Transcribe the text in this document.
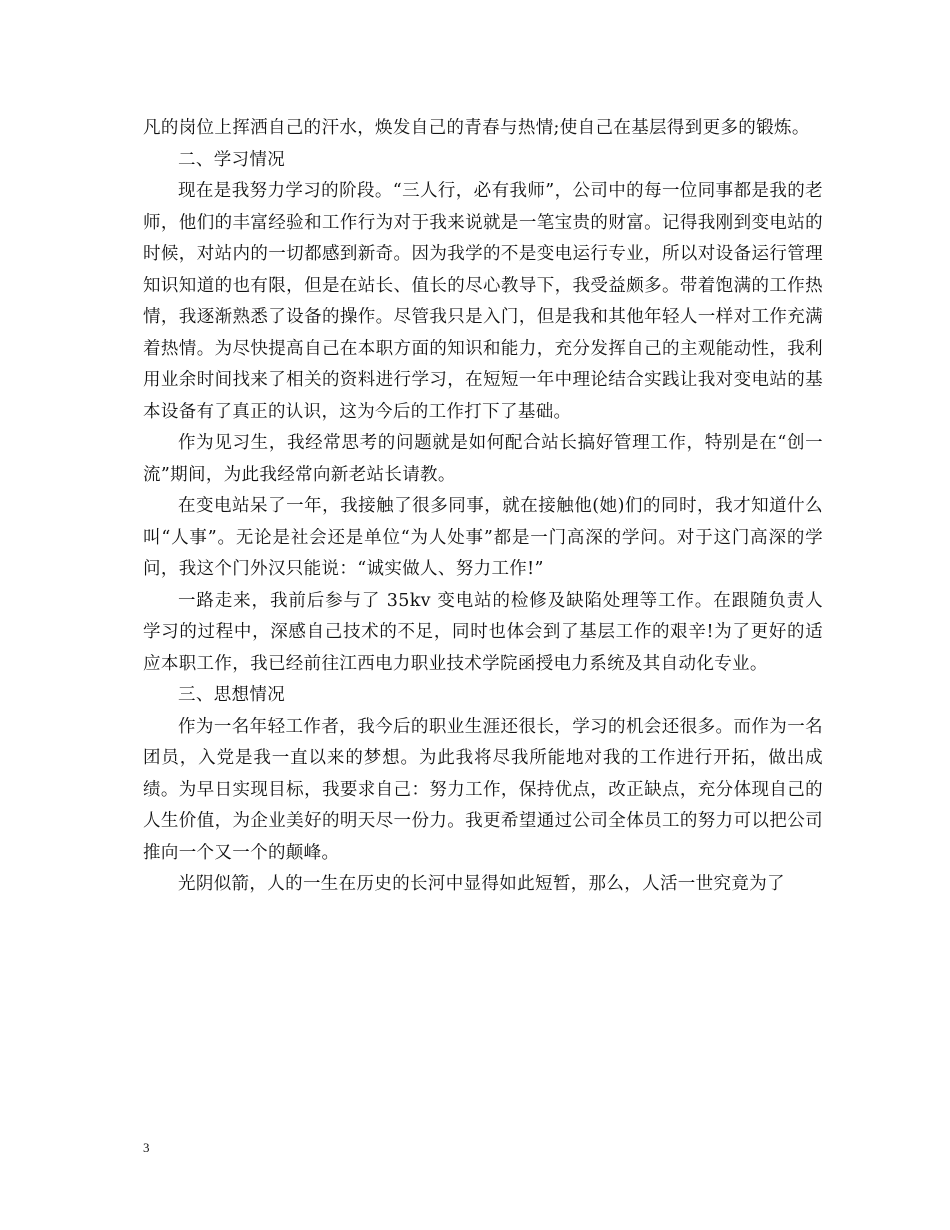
凡的岗位上挥洒自己的汗水，焕发自己的青春与热情;使自己在基层得到更多的锻炼。

二、学习情况

现在是我努力学习的阶段。“三人行，必有我师”，公司中的每一位同事都是我的老师，他们的丰富经验和工作行为对于我来说就是一笔宝贵的财富。记得我刚到变电站的时候，对站内的一切都感到新奇。因为我学的不是变电运行专业，所以对设备运行管理知识知道的也有限，但是在站长、值长的尽心教导下，我受益颇多。带着饱满的工作热情，我逐渐熟悉了设备的操作。尽管我只是入门，但是我和其他年轻人一样对工作充满着热情。为尽快提高自己在本职方面的知识和能力，充分发挥自己的主观能动性，我利用业余时间找来了相关的资料进行学习，在短短一年中理论结合实践让我对变电站的基本设备有了真正的认识，这为今后的工作打下了基础。

作为见习生，我经常思考的问题就是如何配合站长搞好管理工作，特别是在“创一流”期间，为此我经常向新老站长请教。

在变电站呆了一年，我接触了很多同事，就在接触他(她)们的同时，我才知道什么叫“人事”。无论是社会还是单位“为人处事”都是一门高深的学问。对于这门高深的学问，我这个门外汉只能说：“诚实做人、努力工作!”

一路走来，我前后参与了 35kv 变电站的检修及缺陷处理等工作。在跟随负责人学习的过程中，深感自己技术的不足，同时也体会到了基层工作的艰辛!为了更好的适应本职工作，我已经前往江西电力职业技术学院函授电力系统及其自动化专业。

三、思想情况

作为一名年轻工作者，我今后的职业生涯还很长，学习的机会还很多。而作为一名团员，入党是我一直以来的梦想。为此我将尽我所能地对我的工作进行开拓，做出成绩。为早日实现目标，我要求自己：努力工作，保持优点，改正缺点，充分体现自己的人生价值，为企业美好的明天尽一份力。我更希望通过公司全体员工的努力可以把公司推向一个又一个的颠峰。

光阴似箭，人的一生在历史的长河中显得如此短暂，那么，人活一世究竟为了

3
